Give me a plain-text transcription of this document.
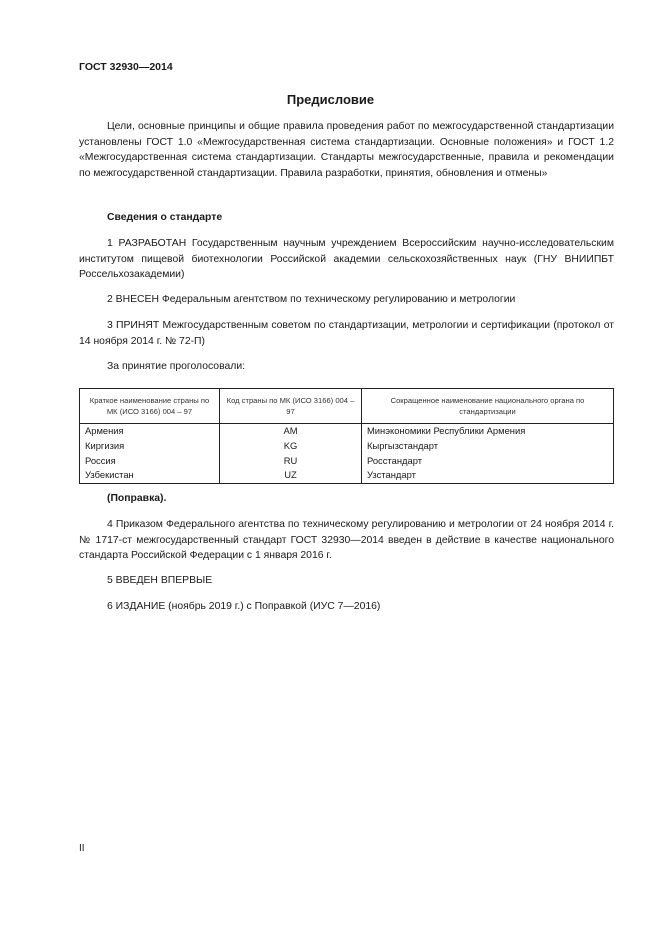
ГОСТ 32930—2014
Предисловие
Цели, основные принципы и общие правила проведения работ по межгосударственной стандартизации установлены ГОСТ 1.0 «Межгосударственная система стандартизации. Основные положения» и ГОСТ 1.2 «Межгосударственная система стандартизации. Стандарты межгосударственные, правила и рекомендации по межгосударственной стандартизации. Правила разработки, принятия, обновления и отмены»
Сведения о стандарте
1 РАЗРАБОТАН Государственным научным учреждением Всероссийским научно-исследовательским институтом пищевой биотехнологии Российской академии сельскохозяйственных наук (ГНУ ВНИИПБТ Россельхозакадемии)
2 ВНЕСЕН Федеральным агентством по техническому регулированию и метрологии
3 ПРИНЯТ Межгосударственным советом по стандартизации, метрологии и сертификации (протокол от 14 ноября 2014 г. № 72-П)
За принятие проголосовали:
Краткое наименование страны по МК (ИСО 3166) 004 – 97	Код страны по МК (ИСО 3166) 004 – 97	Сокращенное наименование национального органа по стандартизации
Армения	AM	Минэкономики Республики Армения
Киргизия	KG	Кыргызстандарт
Россия	RU	Росстандарт
Узбекистан	UZ	Узстандарт
(Поправка).
4 Приказом Федерального агентства по техническому регулированию и метрологии от 24 ноября 2014 г. № 1717-ст межгосударственный стандарт ГОСТ 32930—2014 введен в действие в качестве национального стандарта Российской Федерации с 1 января 2016 г.
5 ВВЕДЕН ВПЕРВЫЕ
6 ИЗДАНИЕ (ноябрь 2019 г.) с Поправкой (ИУС 7—2016)
II
